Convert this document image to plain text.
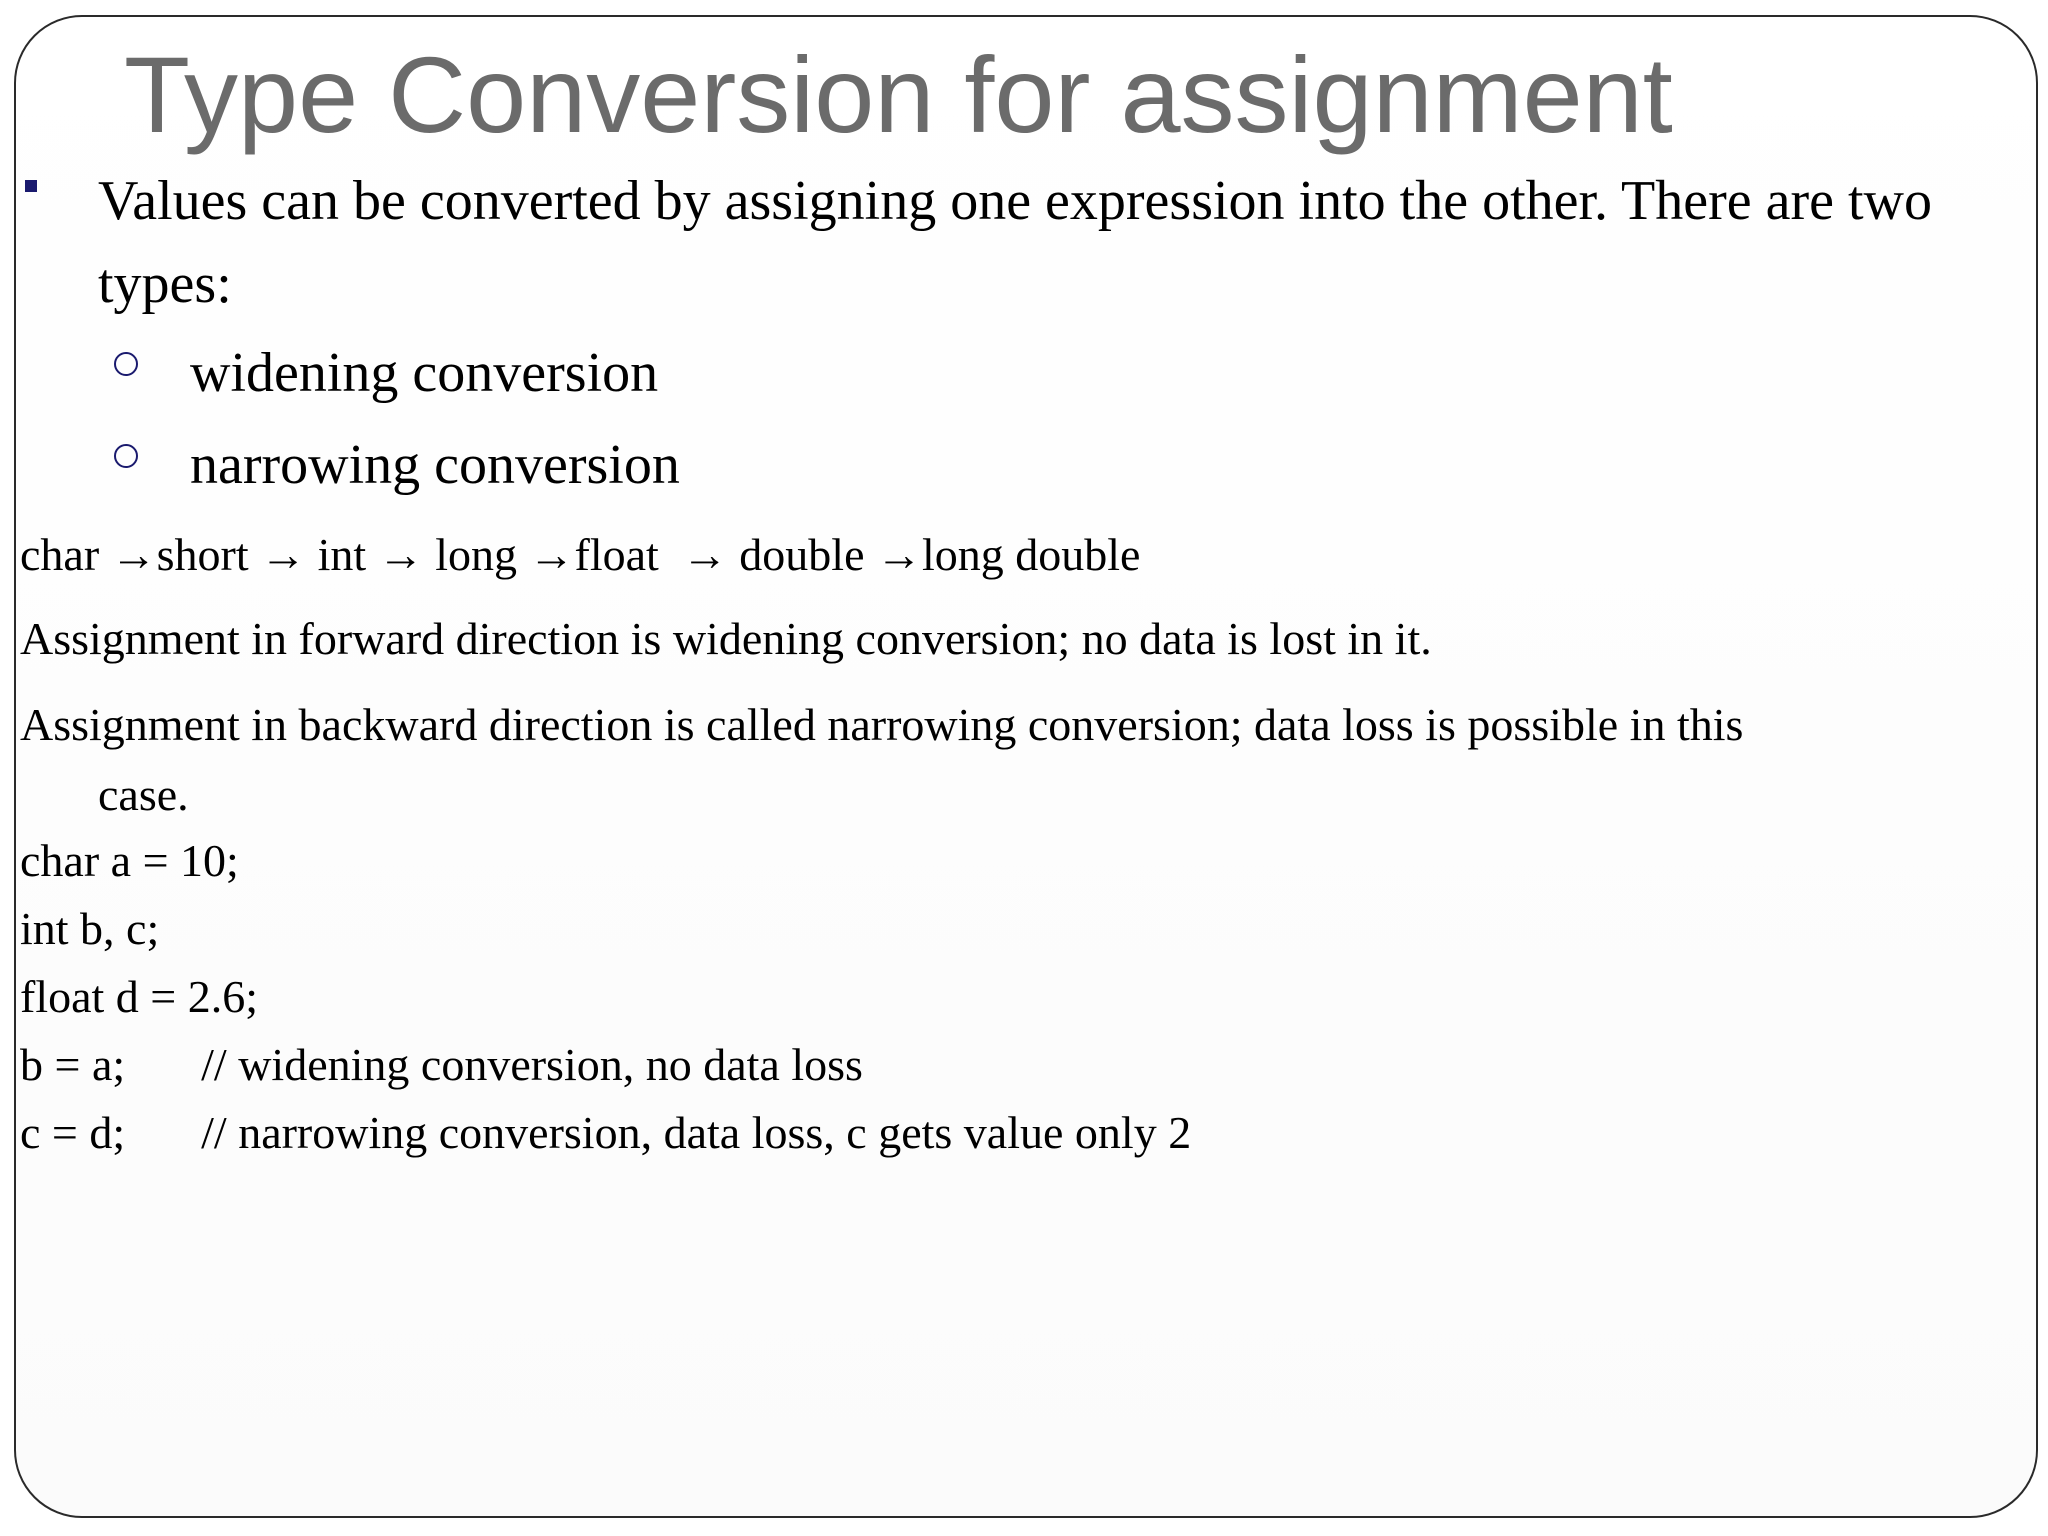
Type Conversion for assignment
Values can be converted by assigning one expression into the other. There are two types:
widening conversion
narrowing conversion
char →short → int → long →float → double →long double
Assignment in forward direction is widening conversion; no data is lost in it.
Assignment in backward direction is called narrowing conversion; data loss is possible in this
case.
char a = 10;
int b, c;
float d = 2.6;
b = a; // widening conversion, no data loss
c = d; // narrowing conversion, data loss, c gets value only 2
